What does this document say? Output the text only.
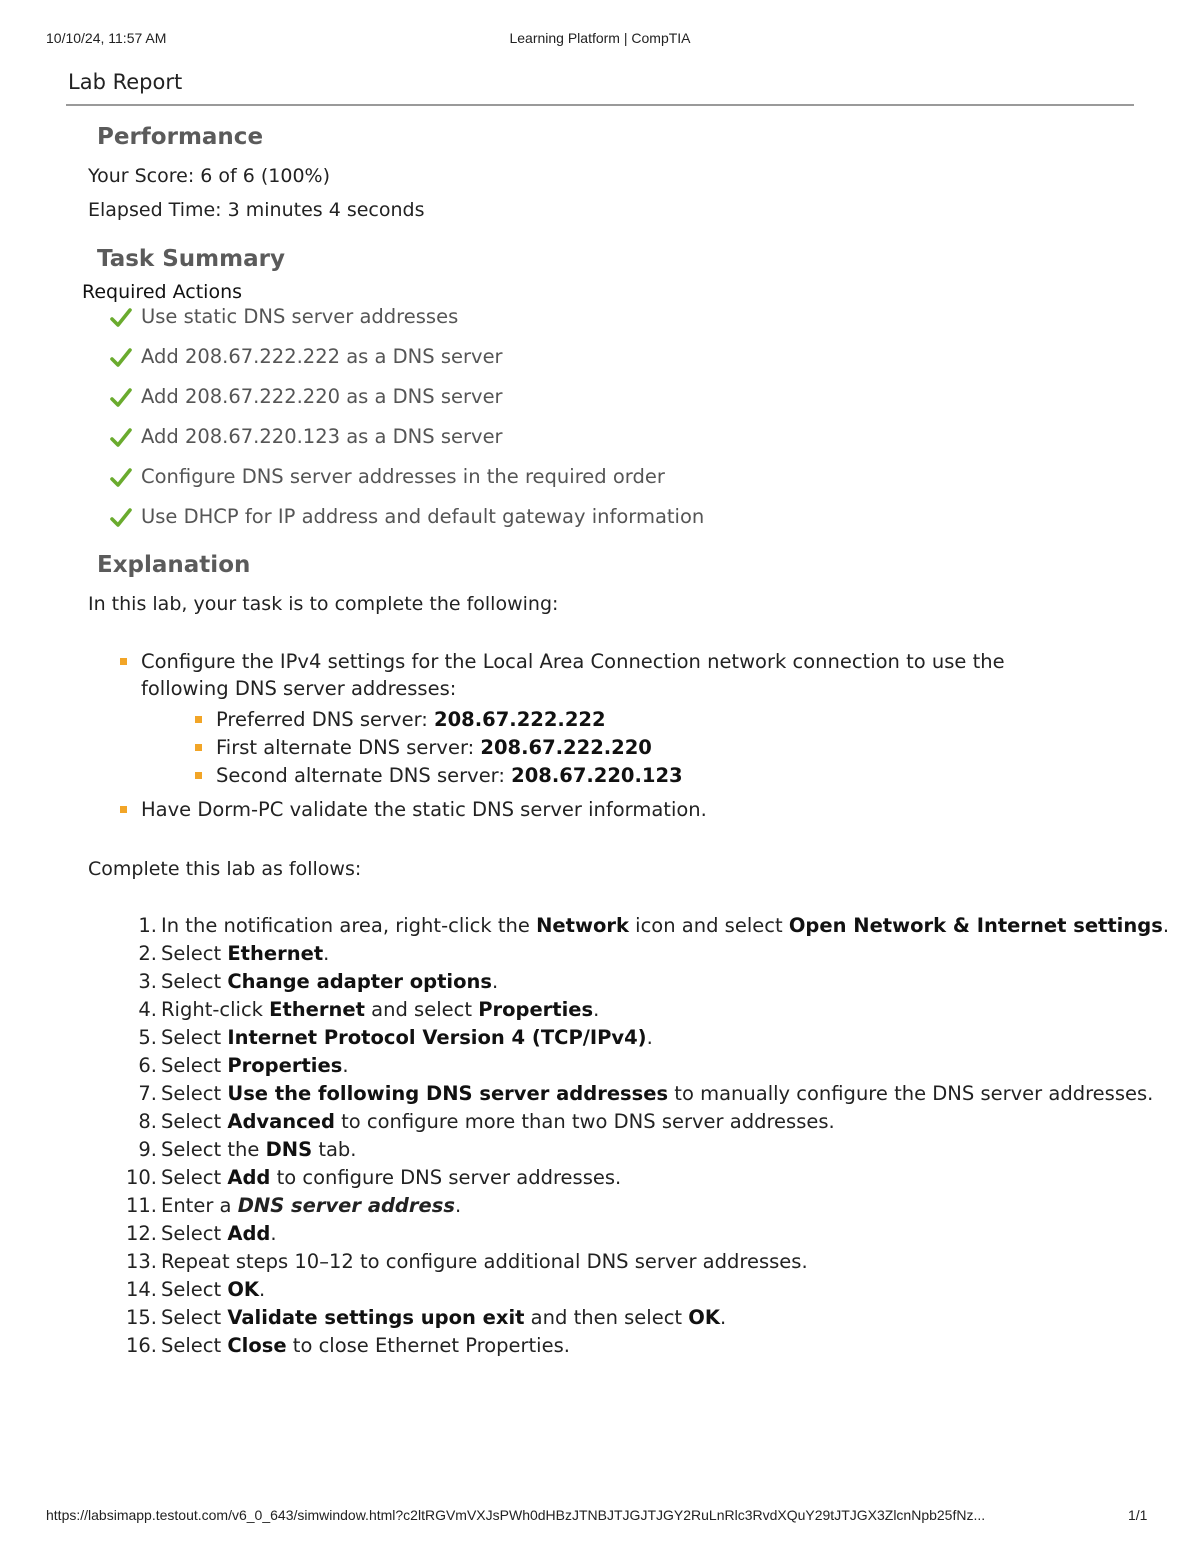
10/10/24, 11:57 AM	Learning Platform | CompTIA
Lab Report
Performance
Your Score: 6 of 6 (100%)
Elapsed Time: 3 minutes 4 seconds
Task Summary
Required Actions
Use static DNS server addresses
Add 208.67.222.222 as a DNS server
Add 208.67.222.220 as a DNS server
Add 208.67.220.123 as a DNS server
Configure DNS server addresses in the required order
Use DHCP for IP address and default gateway information
Explanation
In this lab, your task is to complete the following:
Configure the IPv4 settings for the Local Area Connection network connection to use the following DNS server addresses:
Preferred DNS server: 208.67.222.222
First alternate DNS server: 208.67.222.220
Second alternate DNS server: 208.67.220.123
Have Dorm-PC validate the static DNS server information.
Complete this lab as follows:
1. In the notification area, right-click the Network icon and select Open Network & Internet settings.
2. Select Ethernet.
3. Select Change adapter options.
4. Right-click Ethernet and select Properties.
5. Select Internet Protocol Version 4 (TCP/IPv4).
6. Select Properties.
7. Select Use the following DNS server addresses to manually configure the DNS server addresses.
8. Select Advanced to configure more than two DNS server addresses.
9. Select the DNS tab.
10. Select Add to configure DNS server addresses.
11. Enter a DNS server address.
12. Select Add.
13. Repeat steps 10–12 to configure additional DNS server addresses.
14. Select OK.
15. Select Validate settings upon exit and then select OK.
16. Select Close to close Ethernet Properties.
https://labsimapp.testout.com/v6_0_643/simwindow.html?c2ltRGVmVXJsPWh0dHBzJTNBJTJGJTJGY2RuLnRlc3RvdXQuY29tJTJGX3ZlcnNpb25fNz...	1/1
